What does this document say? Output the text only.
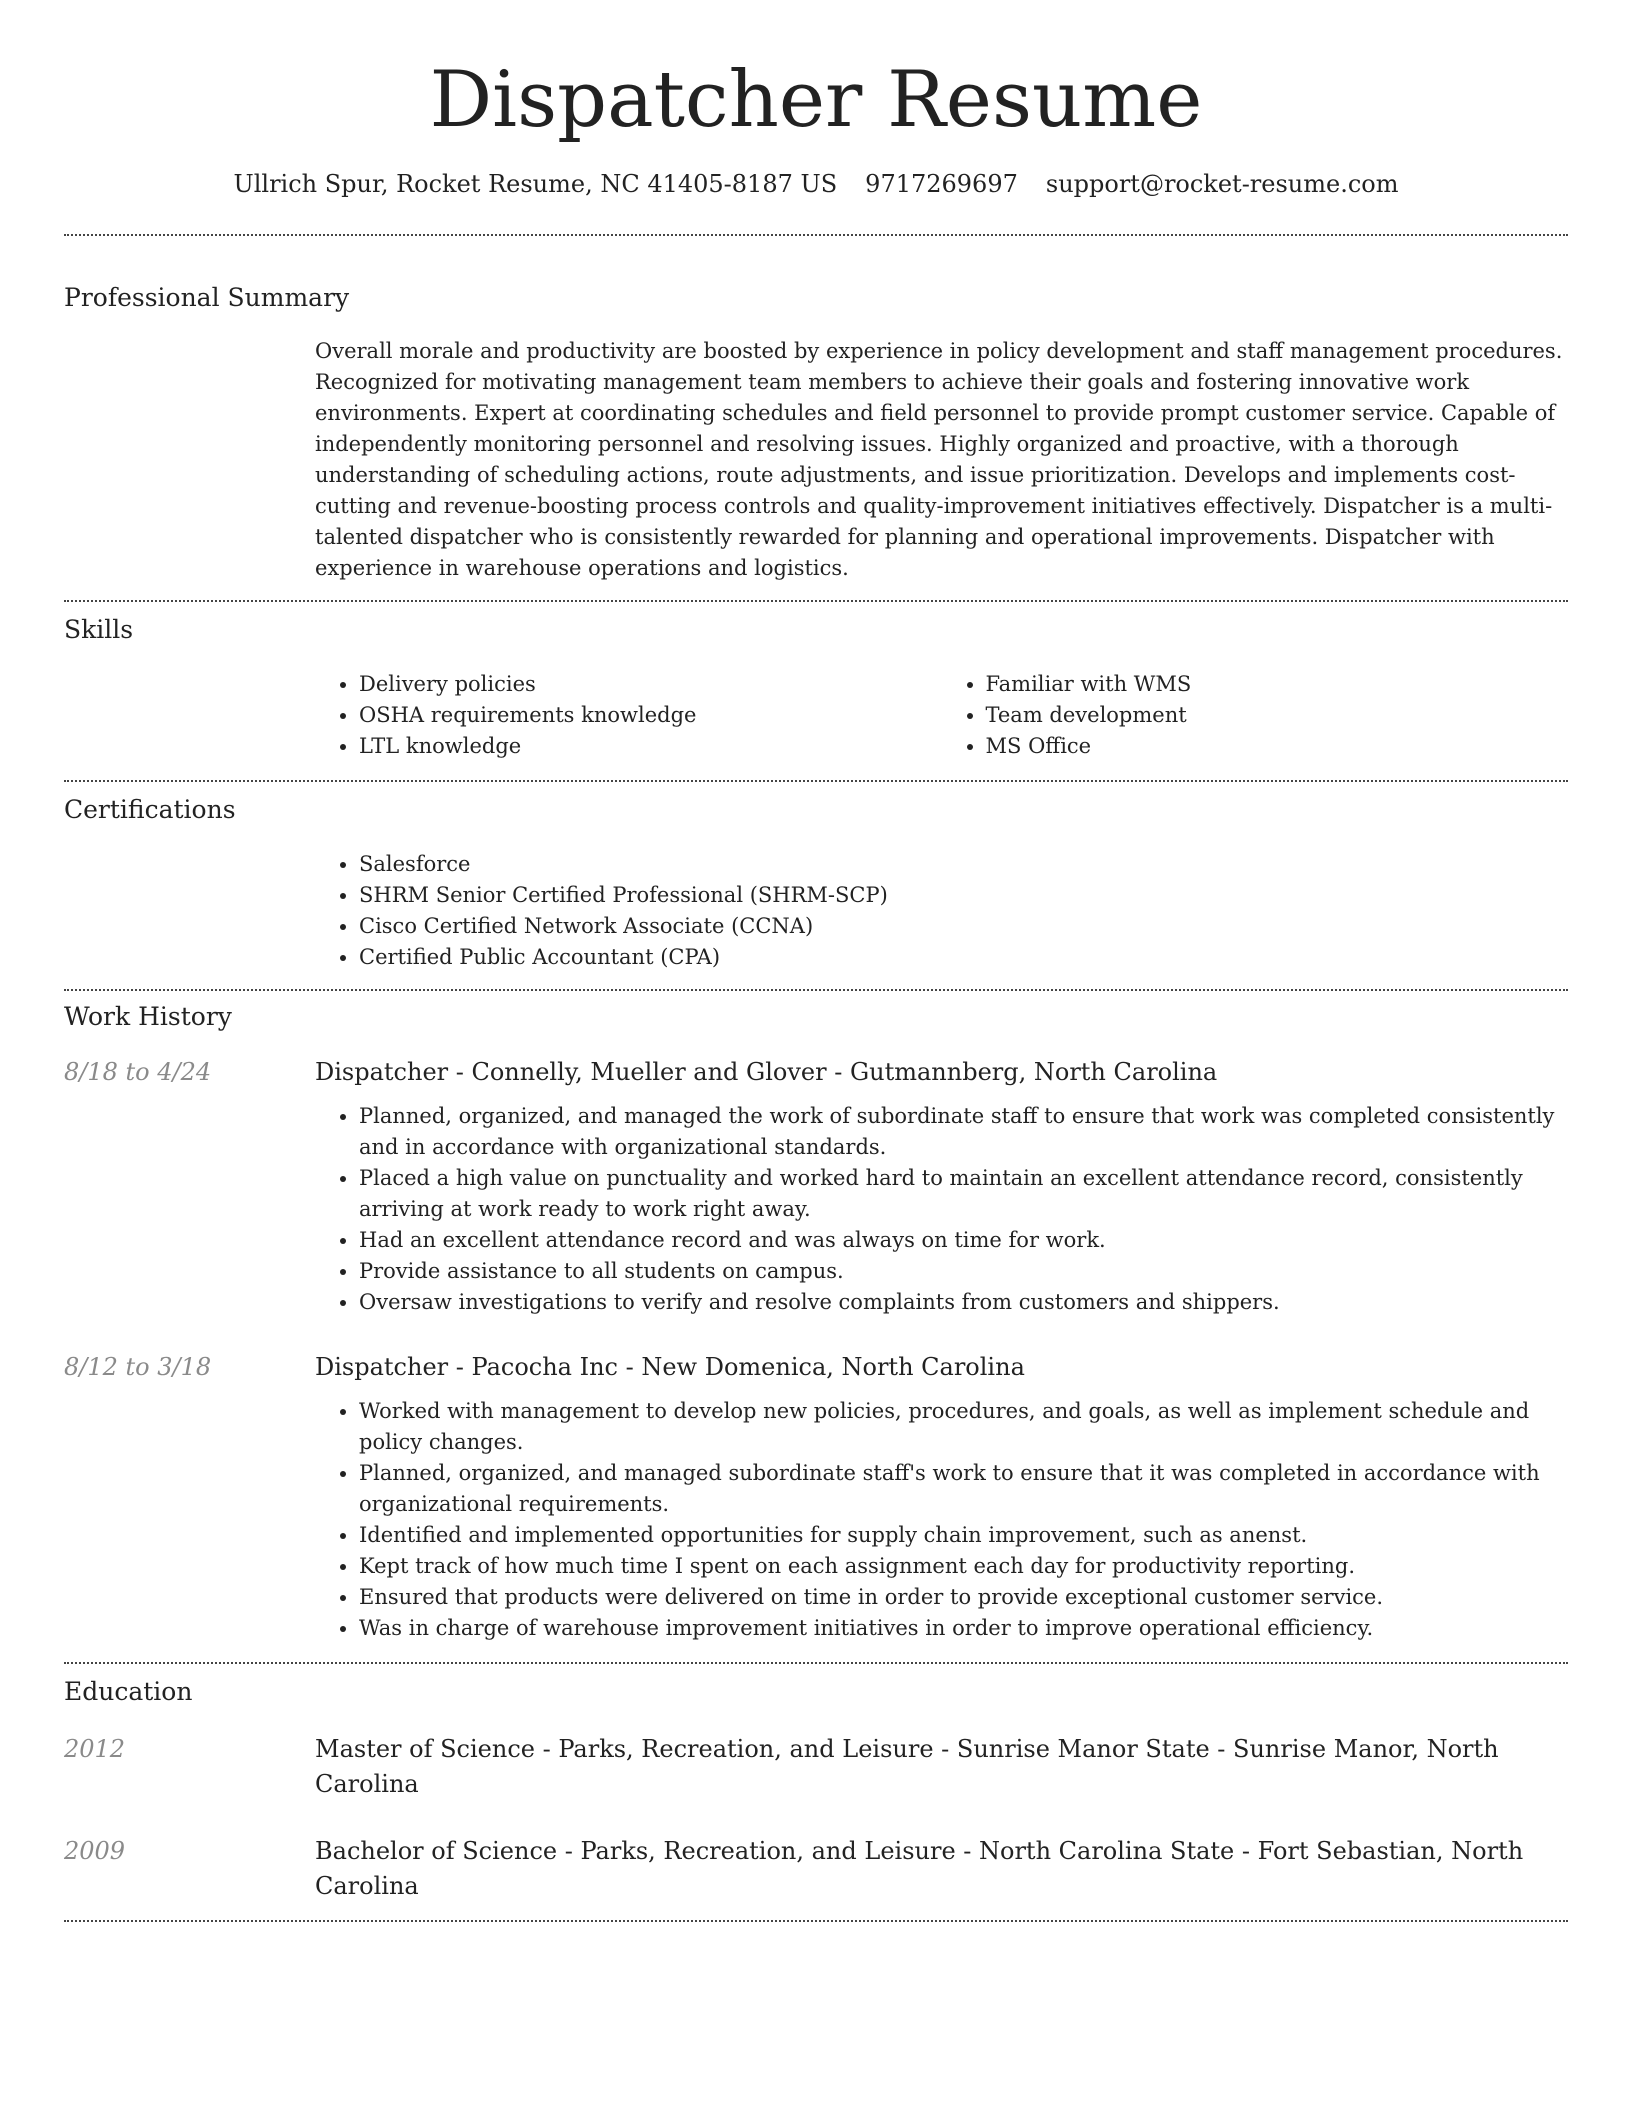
Dispatcher Resume
Ullrich Spur, Rocket Resume, NC 41405-8187 US 9717269697 support@rocket-resume.com
Professional Summary

Overall morale and productivity are boosted by experience in policy development and staff management procedures. Recognized for motivating management team members to achieve their goals and fostering innovative work environments. Expert at coordinating schedules and field personnel to provide prompt customer service. Capable of independently monitoring personnel and resolving issues. Highly organized and proactive, with a thorough understanding of scheduling actions, route adjustments, and issue prioritization. Develops and implements cost-cutting and revenue-boosting process controls and quality-improvement initiatives effectively. Dispatcher is a multi-talented dispatcher who is consistently rewarded for planning and operational improvements. Dispatcher with experience in warehouse operations and logistics.

Skills
• Delivery policies
• OSHA requirements knowledge
• LTL knowledge
• Familiar with WMS
• Team development
• MS Office
Certifications
• Salesforce
• SHRM Senior Certified Professional (SHRM-SCP)
• Cisco Certified Network Associate (CCNA)
• Certified Public Accountant (CPA)
Work History
8/18 to 4/24	Dispatcher - Connelly, Mueller and Glover - Gutmannberg, North Carolina
• Planned, organized, and managed the work of subordinate staff to ensure that work was completed consistently and in accordance with organizational standards.
• Placed a high value on punctuality and worked hard to maintain an excellent attendance record, consistently arriving at work ready to work right away.
• Had an excellent attendance record and was always on time for work.
• Provide assistance to all students on campus.
• Oversaw investigations to verify and resolve complaints from customers and shippers.
8/12 to 3/18	Dispatcher - Pacocha Inc - New Domenica, North Carolina
• Worked with management to develop new policies, procedures, and goals, as well as implement schedule and policy changes.
• Planned, organized, and managed subordinate staff's work to ensure that it was completed in accordance with organizational requirements.
• Identified and implemented opportunities for supply chain improvement, such as anenst.
• Kept track of how much time I spent on each assignment each day for productivity reporting.
• Ensured that products were delivered on time in order to provide exceptional customer service.
• Was in charge of warehouse improvement initiatives in order to improve operational efficiency.
Education
2012	Master of Science - Parks, Recreation, and Leisure - Sunrise Manor State - Sunrise Manor, North Carolina
2009	Bachelor of Science - Parks, Recreation, and Leisure - North Carolina State - Fort Sebastian, North Carolina
